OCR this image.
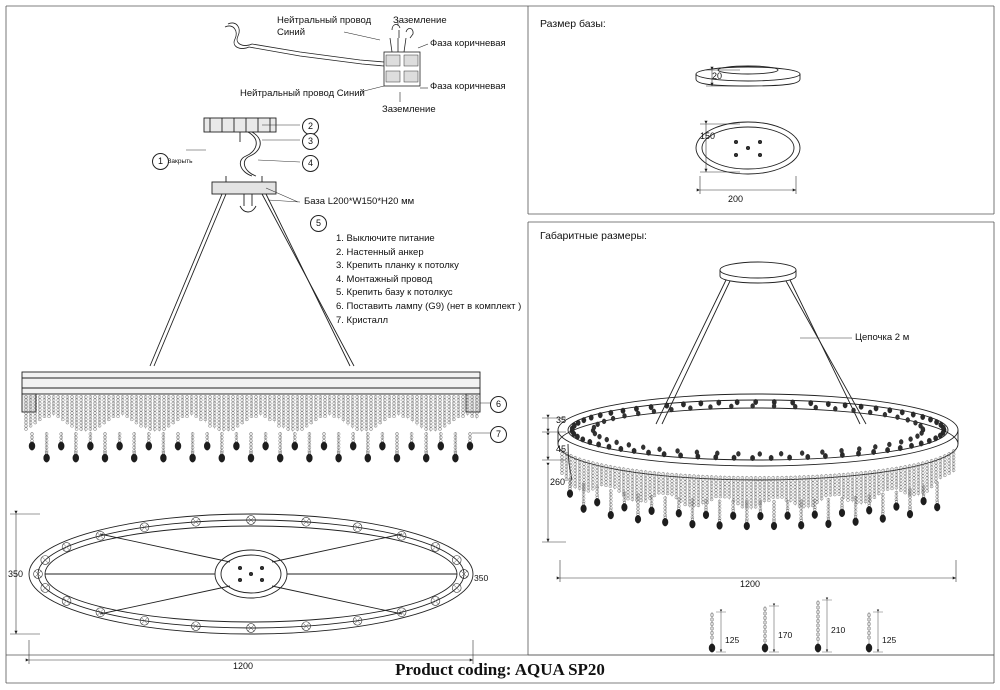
Нейтральный провод
Синий
Заземление
Фаза коричневая
Фаза коричневая
Нейтральный провод Синий
Заземление
1
2
3
4
5
6
7
Закрыть
База L200*W150*H20 мм
1. Выключите питание
2. Настенный анкер
3. Крепить планку к потолку
4. Монтажный провод
5. Крепить базу к потолкус
6. Поставить лампу (G9) (нет в комплект )
7. Кристалл
Размер базы:
Габаритные размеры:
20
150
200
Цепочка 2 м
35
45
260
1200
350
1200
350
125	170	210
125
Product coding: AQUA SP20
